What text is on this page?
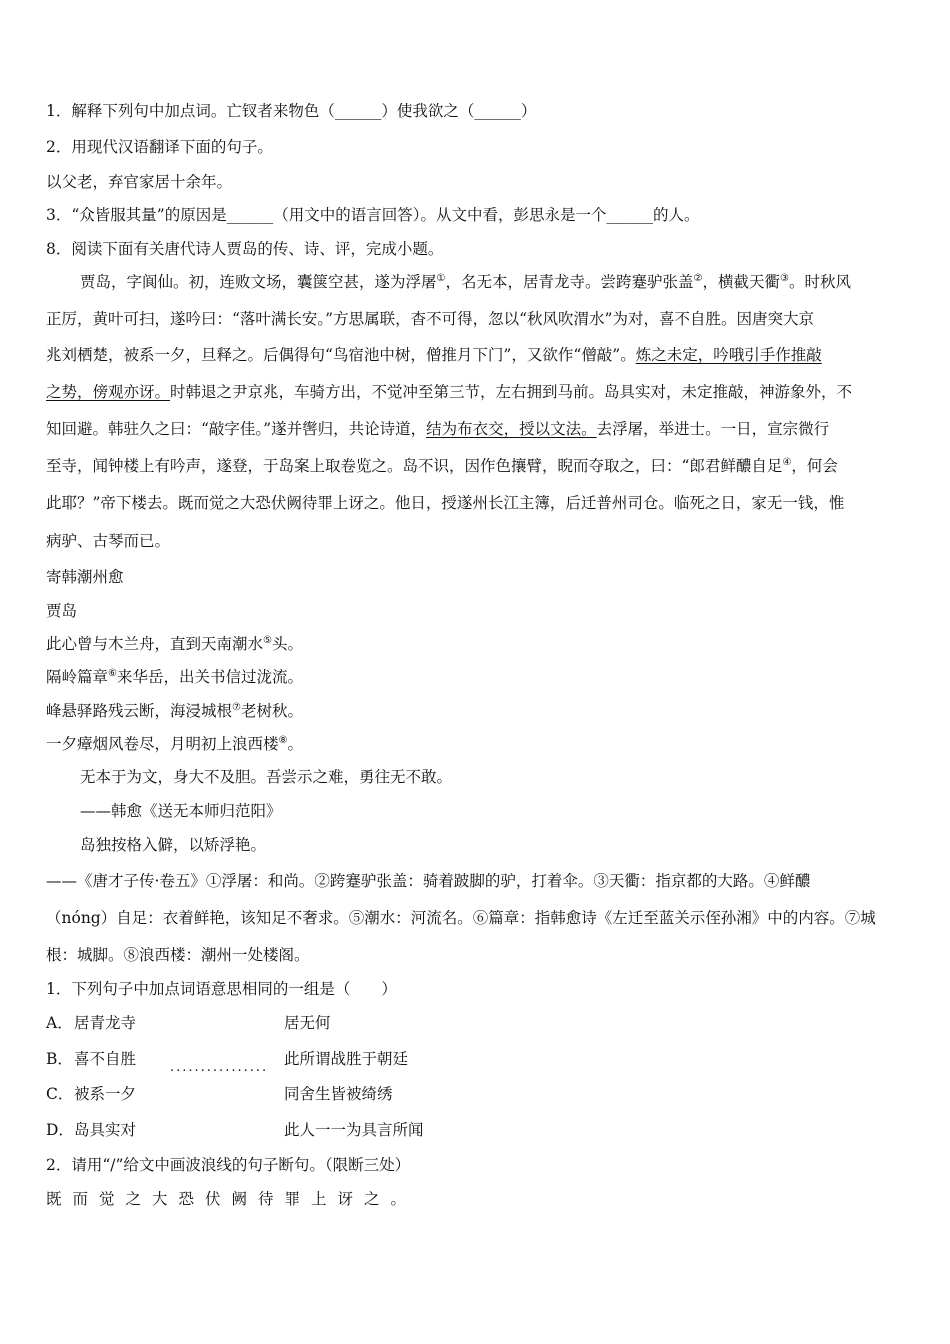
1．解释下列句中加点词。亡钗者来物色（______）使我欲之（______）
2．用现代汉语翻译下面的句子。
以父老，弃官家居十余年。
3．“众皆服其量”的原因是______（用文中的语言回答）。从文中看，彭思永是一个______的人。
8．阅读下面有关唐代诗人贾岛的传、诗、评，完成小题。
贾岛，字阆仙。初，连败文场，囊箧空甚，遂为浮屠①，名无本，居青龙寺。尝跨蹇驴张盖②，横截天衢③。时秋风
正厉，黄叶可扫，遂吟曰：“落叶满长安。”方思属联，杳不可得，忽以“秋风吹渭水”为对，喜不自胜。因唐突大京
兆刘栖楚，被系一夕，旦释之。后偶得句“鸟宿池中树，僧推月下门”，又欲作“僧敲”。炼之未定，吟哦引手作推敲
之势，傍观亦讶。时韩退之尹京兆，车骑方出，不觉冲至第三节，左右拥到马前。岛具实对，未定推敲，神游象外，不
知回避。韩驻久之曰：“敲字佳。”遂并辔归，共论诗道，结为布衣交，授以文法。去浮屠，举进士。一日，宣宗微行
至寺，闻钟楼上有吟声，遂登，于岛案上取卷览之。岛不识，因作色攘臂，睨而夺取之，曰：“郎君鲜醲自足④，何会
此耶？”帝下楼去。既而觉之大恐伏阙待罪上讶之。他日，授遂州长江主簿，后迁普州司仓。临死之日，家无一钱，惟
病驴、古琴而已。
寄韩潮州愈
贾岛
此心曾与木兰舟，直到天南潮水⑤头。
隔岭篇章⑥来华岳，出关书信过泷流。
峰悬驿路残云断，海浸城根⑦老树秋。
一夕瘴烟风卷尽，月明初上浪西楼⑧。
无本于为文，身大不及胆。吾尝示之难，勇往无不敢。
——韩愈《送无本师归范阳》
岛独按格入僻，以矫浮艳。
——《唐才子传·卷五》①浮屠：和尚。②跨蹇驴张盖：骑着跛脚的驴，打着伞。③天衢：指京都的大路。④鲜醲
（nóng）自足：衣着鲜艳，该知足不奢求。⑤潮水：河流名。⑥篇章：指韩愈诗《左迁至蓝关示侄孙湘》中的内容。⑦城
根：城脚。⑧浪西楼：潮州一处楼阁。
1．下列句子中加点词语意思相同的一组是（　　）
A． 居青龙寺	居无何
B． 喜不自胜	................ 此所谓战胜于朝廷
C． 被系一夕	同舍生皆被绮绣
D． 岛具实对	此人一一为具言所闻
2．请用“/”给文中画波浪线的句子断句。（限断三处）
既而觉之大恐伏阙待罪上讶之。
